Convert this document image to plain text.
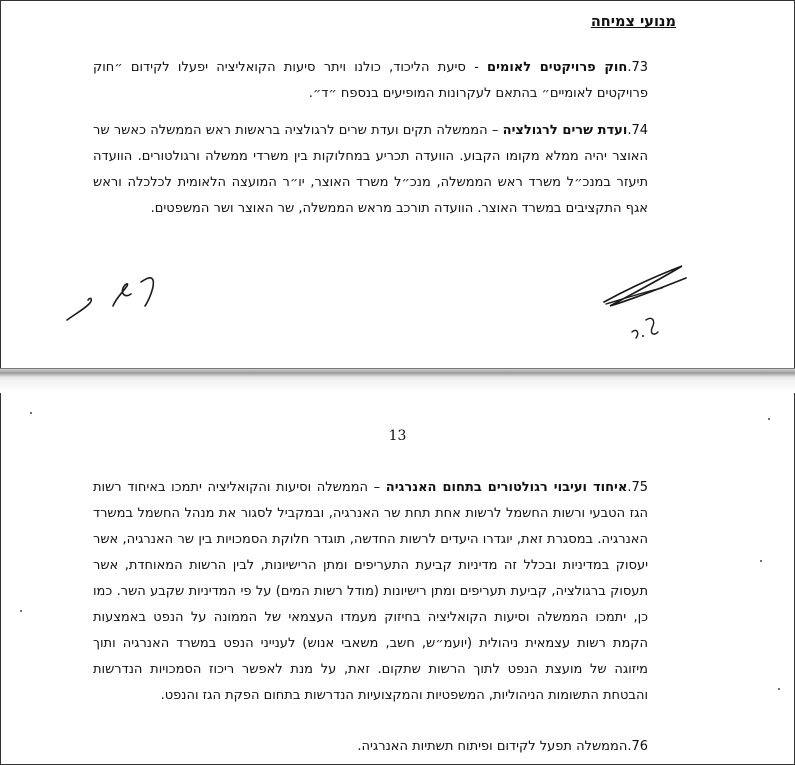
מנועי צמיחה
73.חוק פרויקטים לאומים - סיעת הליכוד, כולנו ויתר סיעות הקואליציה יפעלו לקידום ״חוק פרויקטים לאומיים״ בהתאם לעקרונות המופיעים בנספח ״ד״.
74.ועדת שרים לרגולציה – הממשלה תקים ועדת שרים לרגולציה בראשות ראש הממשלה כאשר שר האוצר יהיה ממלא מקומו הקבוע. הוועדה תכריע במחלוקות בין משרדי ממשלה ורגולטורים. הוועדה תיעזר במנכ״ל משרד ראש הממשלה, מנכ״ל משרד האוצר, יו״ר המועצה הלאומית לכלכלה וראש אגף התקציבים במשרד האוצר. הוועדה תורכב מראש הממשלה, שר האוצר ושר המשפטים.
13
75.איחוד ועיבוי רגולטורים בתחום האנרגיה – הממשלה וסיעות והקואליציה יתמכו באיחוד רשות הגז הטבעי ורשות החשמל לרשות אחת תחת שר האנרגיה, ובמקביל לסגור את מנהל החשמל במשרד האנרגיה. במסגרת זאת, יוגדרו היעדים לרשות החדשה, תוגדר חלוקת הסמכויות בין שר האנרגיה, אשר יעסוק במדיניות ובכלל זה מדיניות קביעת התעריפים ומתן הרישיונות, לבין הרשות המאוחדת, אשר תעסוק ברגולציה, קביעת תעריפים ומתן רישיונות (מודל רשות המים) על פי המדיניות שקבע השר. כמו כן, יתמכו הממשלה וסיעות הקואליציה בחיזוק מעמדו העצמאי של הממונה על הנפט באמצעות הקמת רשות עצמאית ניהולית (יועמ״ש, חשב, משאבי אנוש) לענייני הנפט במשרד האנרגיה ותוך מיזוגה של מועצת הנפט לתוך הרשות שתקום. זאת, על מנת לאפשר ריכוז הסמכויות הנדרשות והבטחת התשומות הניהוליות, המשפטיות והמקצועיות הנדרשות בתחום הפקת הגז והנפט.
76.הממשלה תפעל לקידום ופיתוח תשתיות האנרגיה.
